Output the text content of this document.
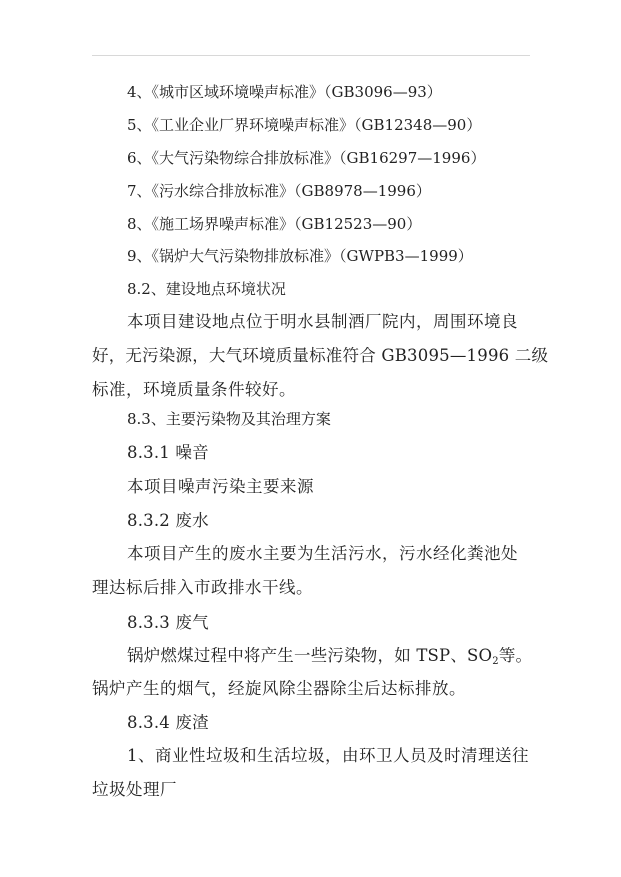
4、《城市区域环境噪声标准》（GB3096—93）
5、《工业企业厂界环境噪声标准》（GB12348—90）
6、《大气污染物综合排放标准》（GB16297—1996）
7、《污水综合排放标准》（GB8978—1996）
8、《施工场界噪声标准》（GB12523—90）
9、《锅炉大气污染物排放标准》（GWPB3—1999）
8.2、建设地点环境状况
本项目建设地点位于明水县制酒厂院内，周围环境良
好，无污染源，大气环境质量标准符合 GB3095—1996 二级
标准，环境质量条件较好。
8.3、主要污染物及其治理方案
8.3.1 噪音
本项目噪声污染主要来源
8.3.2 废水
本项目产生的废水主要为生活污水，污水经化粪池处
理达标后排入市政排水干线。
8.3.3 废气
锅炉燃煤过程中将产生一些污染物，如 TSP、$SO_2$等。
锅炉产生的烟气，经旋风除尘器除尘后达标排放。
8.3.4 废渣
1、商业性垃圾和生活垃圾，由环卫人员及时清理送往
垃圾处理厂
